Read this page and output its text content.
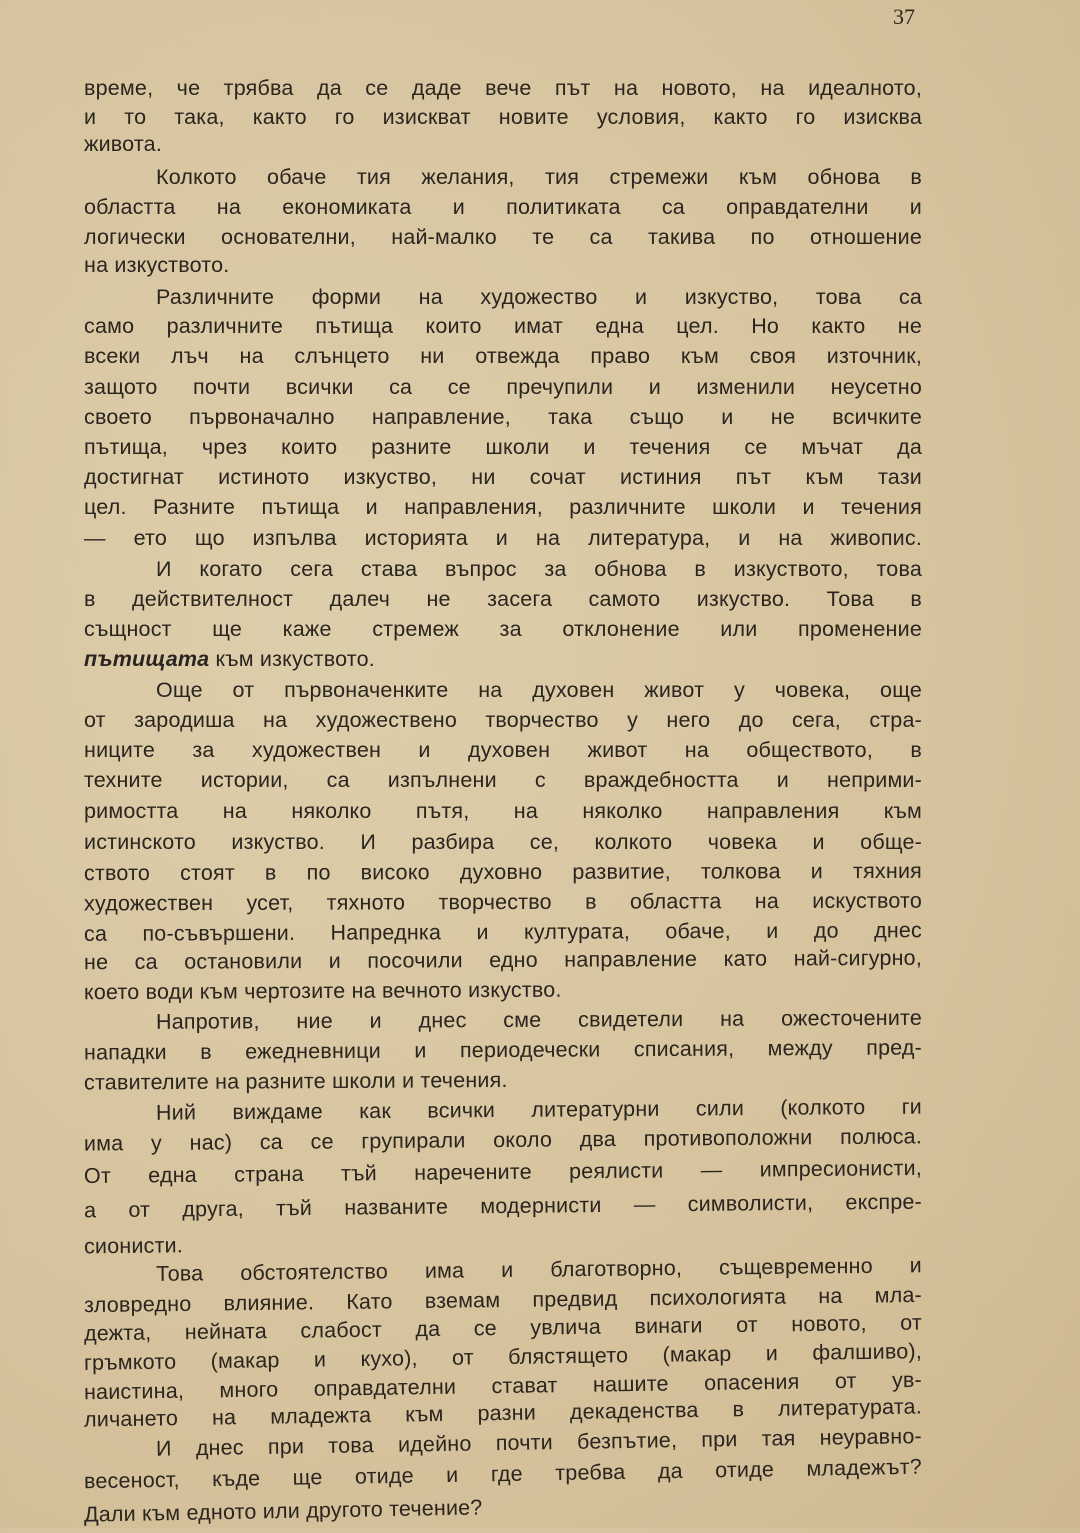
37
време, че трябва да се даде вече път на новото, на идеалното,
и то така, както го изискват новите условия, както го изисква
живота.
Колкото обаче тия желания, тия стремежи към обнова в
областта на економиката и политиката са оправдателни и
логически основателни, най-малко те са такива по отношение
на изкуството.
Различните форми на художество и изкуство, това са
само различните пътища които имат една цел. Но както не
всеки лъч на слънцето ни отвежда право към своя източник,
защото почти всички са се пречупили и изменили неусетно
своето първоначално направление, така също и не всичките
пътища, чрез които разните школи и течения се мъчат да
достигнат истиното изкуство, ни сочат истиния път към тази
цел. Разните пътища и направления, различните школи и течения
— ето що изпълва историята и на литература, и на живопис.
И когато сега става въпрос за обнова в изкуството, това
в действителност далеч не засега самото изкуство. Това в
същност ще каже стремеж за отклонение или променение
пътищата към изкуството.
Още от първоначенките на духовен живот у човека, още
от зародиша на художествено творчество у него до сега, стра-
ниците за художествен и духовен живот на обществото, в
техните истории, са изпълнени с враждебността и неприми-
римостта на няколко пътя, на няколко направления към
истинското изкуство. И разбира се, колкото човека и обще-
ството стоят в по високо духовно развитие, толкова и тяхния
художествен усет, тяхното творчество в областта на искуството
са по-съвършени. Напреднка и културата, обаче, и до днес
не са остановили и посочили едно направление като най-сигурно,
което води към чертозите на вечното изкуство.
Напротив, ние и днес сме свидетели на ожесточените
нападки в ежедневници и периодечески списания, между пред-
ставителите на разните школи и течения.
Ний виждаме как всички литературни сили (колкото ги
има у нас) са се групирали около два противоположни полюса.
От една страна тъй наречените реялисти — импресионисти,
а от друга, тъй названите модернисти — символисти, експре-
сионисти.
Това обстоятелство има и благотворно, същевременно и
зловредно влияние. Като вземам предвид психологията на мла-
дежта, нейната слабост да се увлича винаги от новото, от
гръмкото (макар и кухо), от блястящето (макар и фалшиво),
наистина, много оправдателни стават нашите опасения от ув-
личането на младежта към разни декаденства в литературата.
И днес при това идейно почти безпътие, при тая неуравно-
весеност, къде ще отиде и где требва да отиде младежът?
Дали към едното или другото течение?
